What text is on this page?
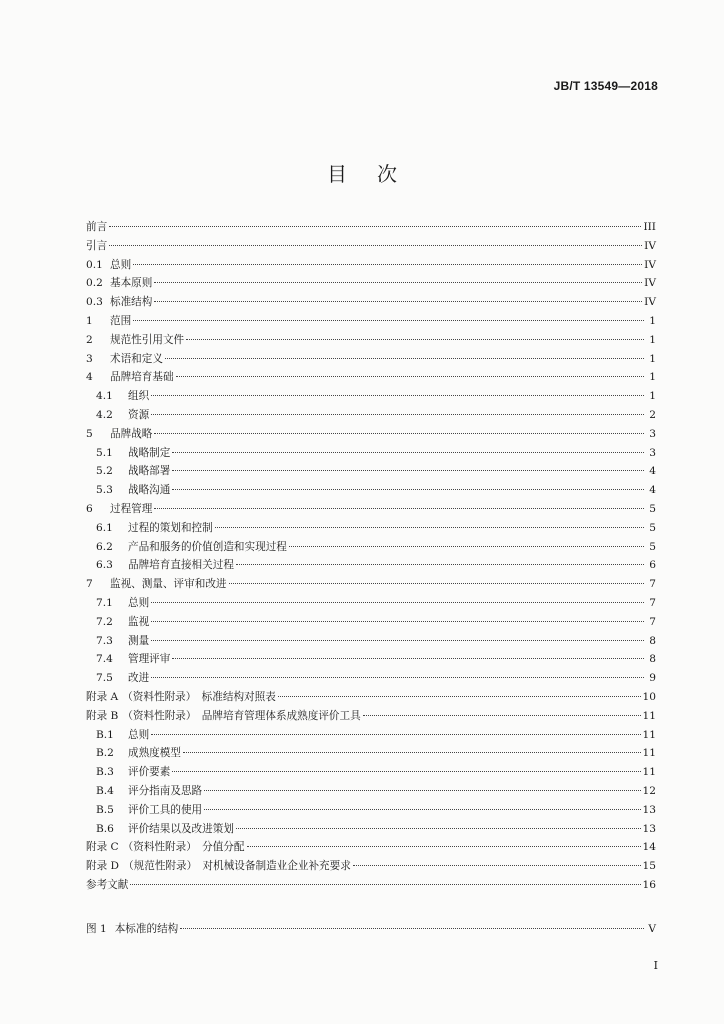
JB/T 13549—2018
目次
前言	III
引言	IV
0.1 总则	IV
0.2 基本原则	IV
0.3 标准结构	IV
1	范围	1
2	规范性引用文件	1
3	术语和定义	1
4	品牌培育基础	1
4.1	组织	1
4.2	资源	2
5	品牌战略	3
5.1	战略制定	3
5.2	战略部署	4
5.3	战略沟通	4
6	过程管理	5
6.1	过程的策划和控制	5
6.2	产品和服务的价值创造和实现过程	5
6.3	品牌培育直接相关过程	6
7	监视、测量、评审和改进	7
7.1	总则	7
7.2	监视	7
7.3	测量	8
7.4	管理评审	8
7.5	改进	9
附录 A （资料性附录）　标准结构对照表	10
附录 B （资料性附录）　品牌培育管理体系成熟度评价工具	11
B.1	总则	11
B.2	成熟度模型	11
B.3	评价要素	11
B.4	评分指南及思路	12
B.5	评价工具的使用	13
B.6	评价结果以及改进策划	13
附录 C （资料性附录）　分值分配	14
附录 D （规范性附录）　对机械设备制造业企业补充要求	15
参考文献	16
图 1 本标准的结构	V
I
